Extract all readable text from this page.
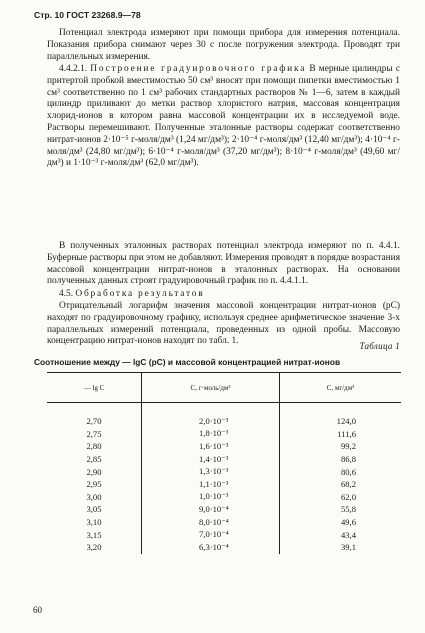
Стр. 10 ГОСТ 23268.9—78
Потенциал электрода измеряют при помощи прибора для измерения потенциала. Показания прибора снимают через 30 с после погружения электрода. Проводят три параллельных измерения.
4.4.2.1. Построение градуировочного графика В мерные цилиндры с притертой пробкой вместимостью 50 см³ вносят при помощи пипетки вместимостью 1 см³ соответственно по 1 см³ рабочих стандартных растворов № 1—6, затем в каждый цилиндр приливают до метки раствор хлористого натрия, массовая концентрация хлорид-ионов в котором равна массовой концентрации их в исследуемой воде. Растворы перемешивают. Полученные эталонные растворы содержат соответственно нитрат-ионов 2·10⁻⁵ г-моля/дм³ (1,24 мг/дм³); 2·10⁻⁴ г-моля/дм³ (12,40 мг/дм³); 4·10⁻⁴ г-моля/дм³ (24,80 мг/дм³); 6·10⁻⁴ г-моля/дм³ (37,20 мг/дм³); 8·10⁻⁴ г-моля/дм³ (49,60 мг/дм³) и 1·10⁻³ г-моля/дм³ (62,0 мг/дм³).
В полученных эталонных растворах потенциал электрода измеряют по п. 4.4.1. Буферные растворы при этом не добавляют. Измерения проводят в порядке возрастания массовой концентрации нитрат-ионов в эталонных растворах. На основании полученных данных строят градуировочный график по п. 4.4.1.1.
4.5. Обработка результатов
Отрицательный логарифм значения массовой концентрации нитрат-ионов (pC) находят по градуировочному графику, используя среднее арифметическое значение 3-х параллельных измерений потенциала, проведенных из одной пробы. Массовую концентрацию нитрат-ионов находят по табл. 1.	Таблица 1
Соотношение между — lgC (pC) и массовой концентрацией нитрат-ионов
— lg C	C, г·моль/дм³	C, мг/дм³
2,70	2,0·10⁻³	124,0
2,75	1,8·10⁻³	111,6
2,80	1,6·10⁻³	99,2
2,85	1,4·10⁻³	86,8
2,90	1,3·10⁻³	80,6
2,95	1,1·10⁻³	68,2
3,00	1,0·10⁻³	62,0
3,05	9,0·10⁻⁴	55,8
3,10	8,0·10⁻⁴	49,6
3,15	7,0·10⁻⁴	43,4
3,20	6,3·10⁻⁴	39,1
60
